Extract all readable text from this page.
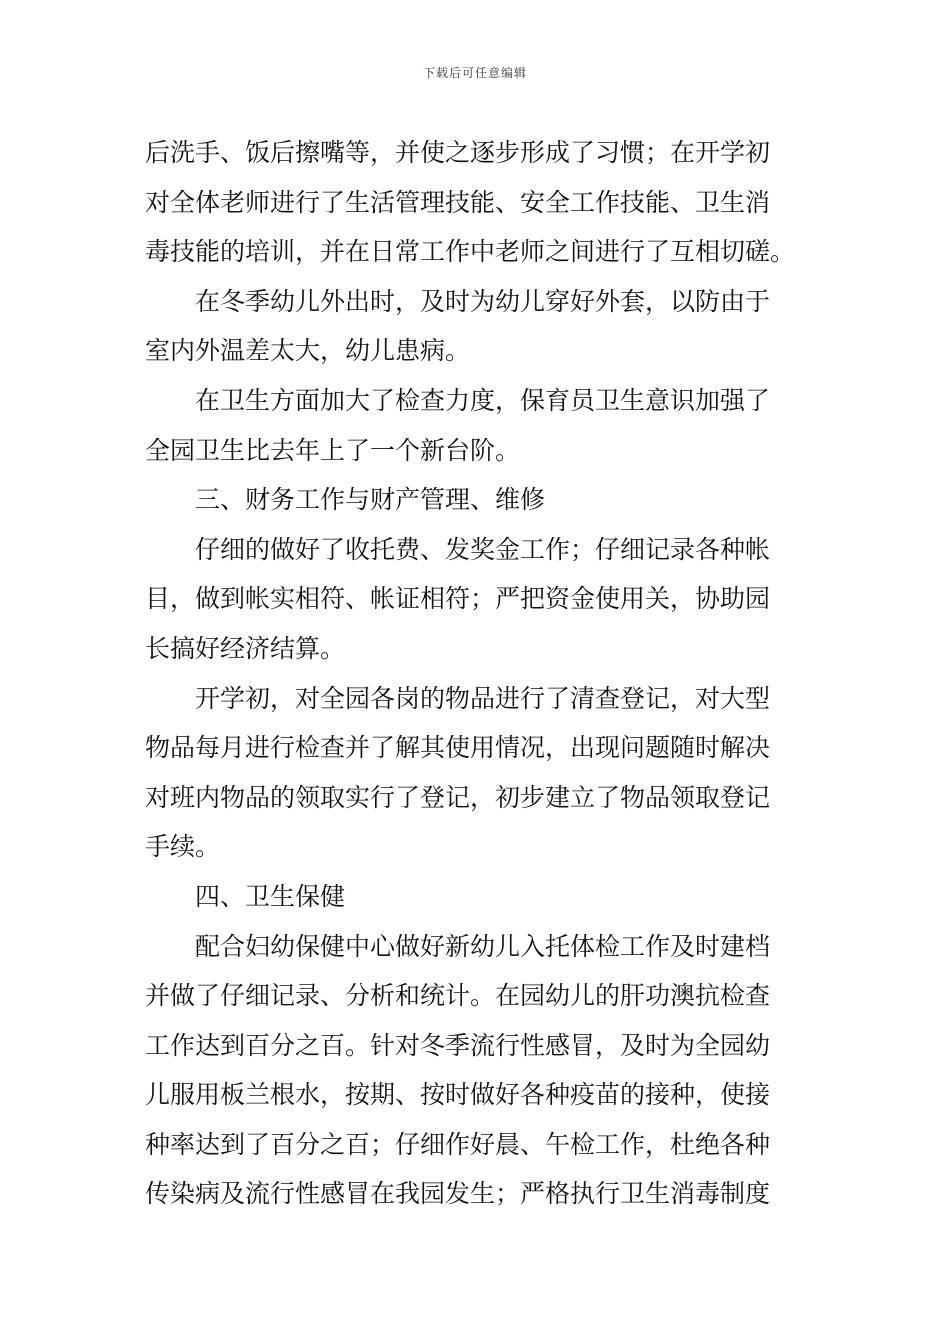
下载后可任意编辑
后洗手、饭后擦嘴等，并使之逐步形成了习惯；在开学初
对全体老师进行了生活管理技能、安全工作技能、卫生消
毒技能的培训，并在日常工作中老师之间进行了互相切磋。
在冬季幼儿外出时，及时为幼儿穿好外套，以防由于
室内外温差太大，幼儿患病。
在卫生方面加大了检查力度，保育员卫生意识加强了
全园卫生比去年上了一个新台阶。
三、财务工作与财产管理、维修
仔细的做好了收托费、发奖金工作；仔细记录各种帐
目，做到帐实相符、帐证相符；严把资金使用关，协助园
长搞好经济结算。
开学初，对全园各岗的物品进行了清查登记，对大型
物品每月进行检查并了解其使用情况，出现问题随时解决
对班内物品的领取实行了登记，初步建立了物品领取登记
手续。
四、卫生保健
配合妇幼保健中心做好新幼儿入托体检工作及时建档
并做了仔细记录、分析和统计。在园幼儿的肝功澳抗检查
工作达到百分之百。针对冬季流行性感冒，及时为全园幼
儿服用板兰根水，按期、按时做好各种疫苗的接种，使接
种率达到了百分之百；仔细作好晨、午检工作，杜绝各种
传染病及流行性感冒在我园发生；严格执行卫生消毒制度
